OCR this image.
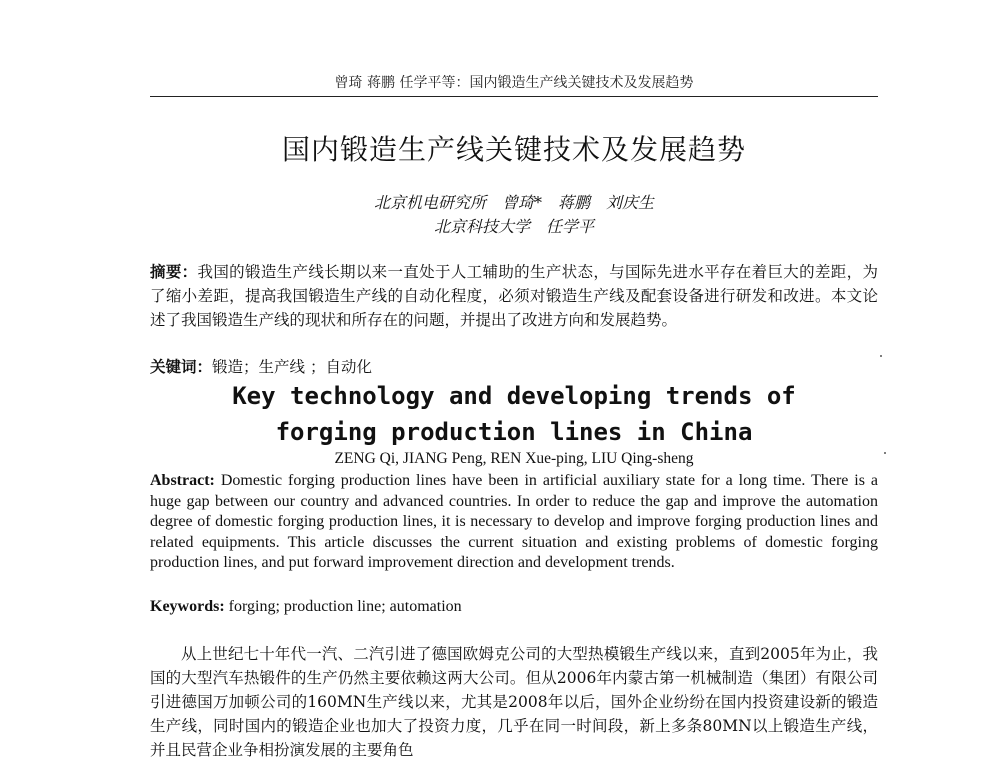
曾琦 蒋鹏 任学平等：国内锻造生产线关键技术及发展趋势
国内锻造生产线关键技术及发展趋势
北京机电研究所　曾琦*　蒋鹏　刘庆生
北京科技大学　任学平
摘要：我国的锻造生产线长期以来一直处于人工辅助的生产状态，与国际先进水平存在着巨大的差距，为了缩小差距，提高我国锻造生产线的自动化程度，必须对锻造生产线及配套设备进行研发和改进。本文论述了我国锻造生产线的现状和所存在的问题，并提出了改进方向和发展趋势。
关键词：锻造；生产线 ；自动化
Key technology and developing trends of
forging production lines in China
ZENG Qi, JIANG Peng, REN Xue-ping, LIU Qing-sheng
Abstract: Domestic forging production lines have been in artificial auxiliary state for a long time. There is a huge gap between our country and advanced countries. In order to reduce the gap and improve the automation degree of domestic forging production lines, it is necessary to develop and improve forging production lines and related equipments. This article discusses the current situation and existing problems of domestic forging production lines, and put forward improvement direction and development trends.
Keywords: forging; production line; automation
从上世纪七十年代一汽、二汽引进了德国欧姆克公司的大型热模锻生产线以来，直到2005年为止，我国的大型汽车热锻件的生产仍然主要依赖这两大公司。但从2006年内蒙古第一机械制造（集团）有限公司引进德国万加顿公司的160MN生产线以来，尤其是2008年以后，国外企业纷纷在国内投资建设新的锻造生产线，同时国内的锻造企业也加大了投资力度，几乎在同一时间段，新上多条80MN以上锻造生产线，并且民营企业争相扮演发展的主要角色
